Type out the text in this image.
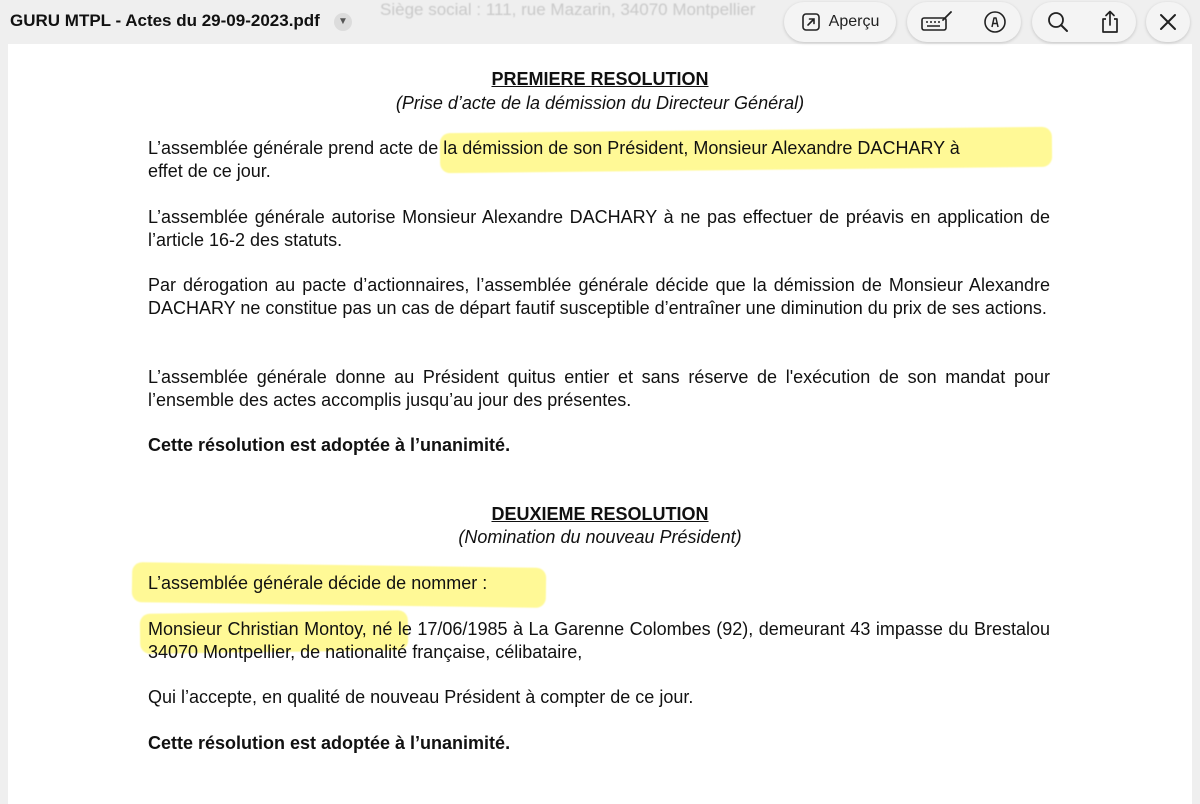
Siège social : 111, rue Mazarin, 34070 Montpellier
PREMIERE RESOLUTION
(Prise d’acte de la démission du Directeur Général)
L’assemblée générale prend acte de la démission de son Président, Monsieur Alexandre DACHARY à
effet de ce jour.
L’assemblée générale autorise Monsieur Alexandre DACHARY à ne pas effectuer de préavis en application de l’article 16-2 des statuts.
Par dérogation au pacte d’actionnaires, l’assemblée générale décide que la démission de Monsieur Alexandre DACHARY ne constitue pas un cas de départ fautif susceptible d’entraîner une diminution du prix de ses actions.
L’assemblée générale donne au Président quitus entier et sans réserve de l'exécution de son mandat pour l’ensemble des actes accomplis jusqu’au jour des présentes.
Cette résolution est adoptée à l’unanimité.
DEUXIEME RESOLUTION
(Nomination du nouveau Président)
L’assemblée générale décide de nommer :
Monsieur Christian Montoy, né le 17/06/1985 à La Garenne Colombes (92), demeurant 43 impasse du Brestalou 34070 Montpellier, de nationalité française, célibataire,
Qui l’accepte, en qualité de nouveau Président à compter de ce jour.
Cette résolution est adoptée à l’unanimité.
GURU MTPL - Actes du 29-09-2023.pdf	▼	Aperçu
